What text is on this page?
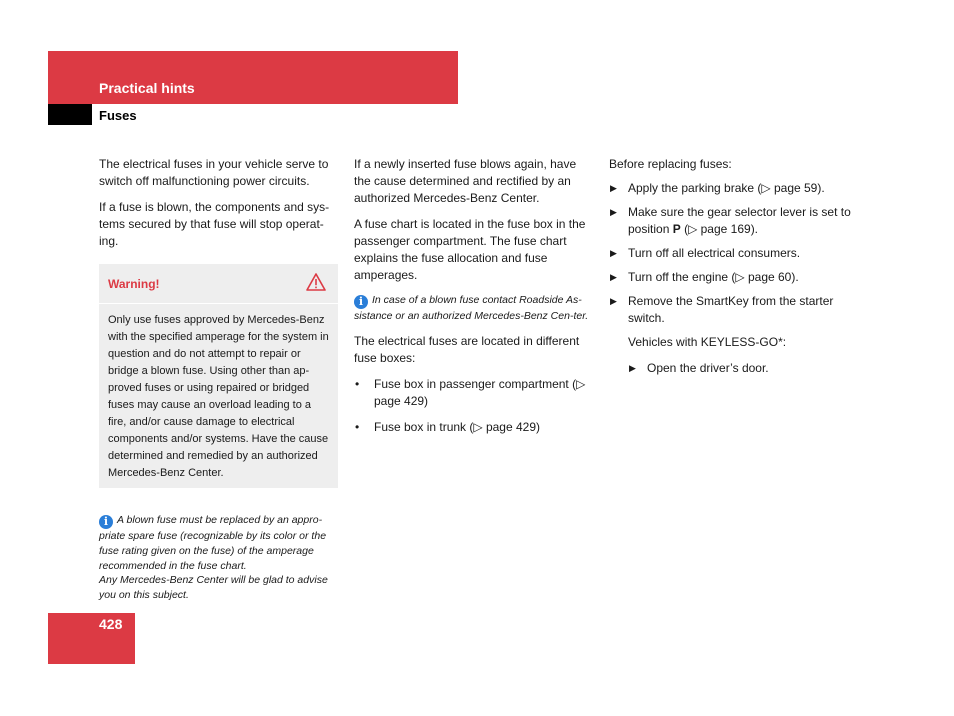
Practical hints
Fuses

The electrical fuses in your vehicle serve to switch off malfunctioning power circuits.

If a fuse is blown, the components and sys-tems secured by that fuse will stop operat-ing.

Warning!
Only use fuses approved by Mercedes-Benz with the specified amperage for the system in question and do not attempt to repair or bridge a blown fuse. Using other than ap-proved fuses or using repaired or bridged fuses may cause an overload leading to a fire, and/or cause damage to electrical components and/or systems. Have the cause determined and remedied by an authorized Mercedes-Benz Center.
i A blown fuse must be replaced by an appro-priate spare fuse (recognizable by its color or the fuse rating given on the fuse) of the amperage recommended in the fuse chart.
Any Mercedes-Benz Center will be glad to advise you on this subject.

If a newly inserted fuse blows again, have the cause determined and rectified by an authorized Mercedes-Benz Center.

A fuse chart is located in the fuse box in the passenger compartment. The fuse chart explains the fuse allocation and fuse amperages.

i In case of a blown fuse contact Roadside As-sistance or an authorized Mercedes-Benz Cen-ter.

The electrical fuses are located in different fuse boxes:

• Fuse box in passenger compartment (▷ page 429)
• Fuse box in trunk (▷ page 429)

Before replacing fuses:

▶ Apply the parking brake (▷ page 59).
▶ Make sure the gear selector lever is set to position P (▷ page 169).
▶ Turn off all electrical consumers.
▶ Turn off the engine (▷ page 60).
▶ Remove the SmartKey from the starter switch.

Vehicles with KEYLESS-GO*:

▶ Open the driver’s door.
428
